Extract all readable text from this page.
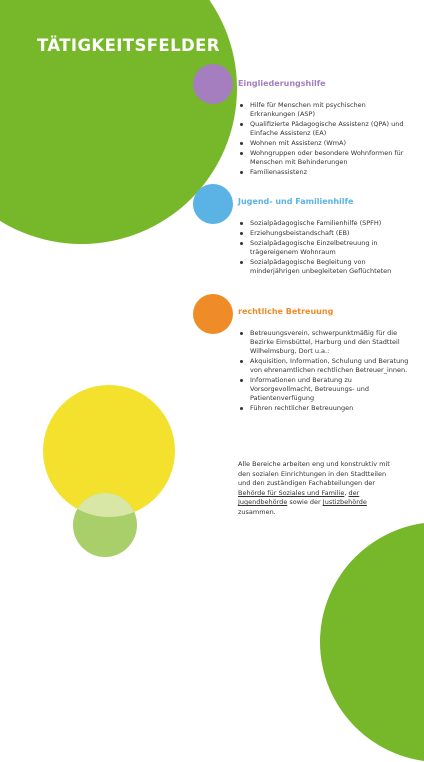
TÄTIGKEITSFELDER
Eingliederungshilfe
Hilfe für Menschen mit psychischen Erkrankungen (ASP)
Qualifizierte Pädagogische Assistenz (QPA) und Einfache Assistenz (EA)
Wohnen mit Assistenz (WmA)
Wohngruppen oder besondere Wohnformen für Menschen mit Behinderungen
Familienassistenz
Jugend- und Familienhilfe
Sozialpädagogische Familienhilfe (SPFH)
Erziehungsbeistandschaft (EB)
Sozialpädagogische Einzelbetreuung in trägereigenem Wohnraum
Sozialpädagogische Begleitung von minderjährigen unbegleiteten Geflüchteten
rechtliche Betreuung
Betreuungsverein, schwerpunktmäßig für die Bezirke Eimsbüttel, Harburg und den Stadtteil Wilhelmsburg, Dort u.a.:
Akquisition, Information, Schulung und Beratung von ehrenamtlichen rechtlichen Betreuer_innen.
Informationen und Beratung zu Vorsorgevollmacht, Betreuungs- und Patientenverfügung
Führen rechtlicher Betreuungen

Alle Bereiche arbeiten eng und konstruktiv mit den sozialen Einrichtungen in den Stadtteilen und den zuständigen Fachabteilungen der Behörde für Soziales und Familie, der Jugendbehörde sowie der Justizbehörde zusammen.
